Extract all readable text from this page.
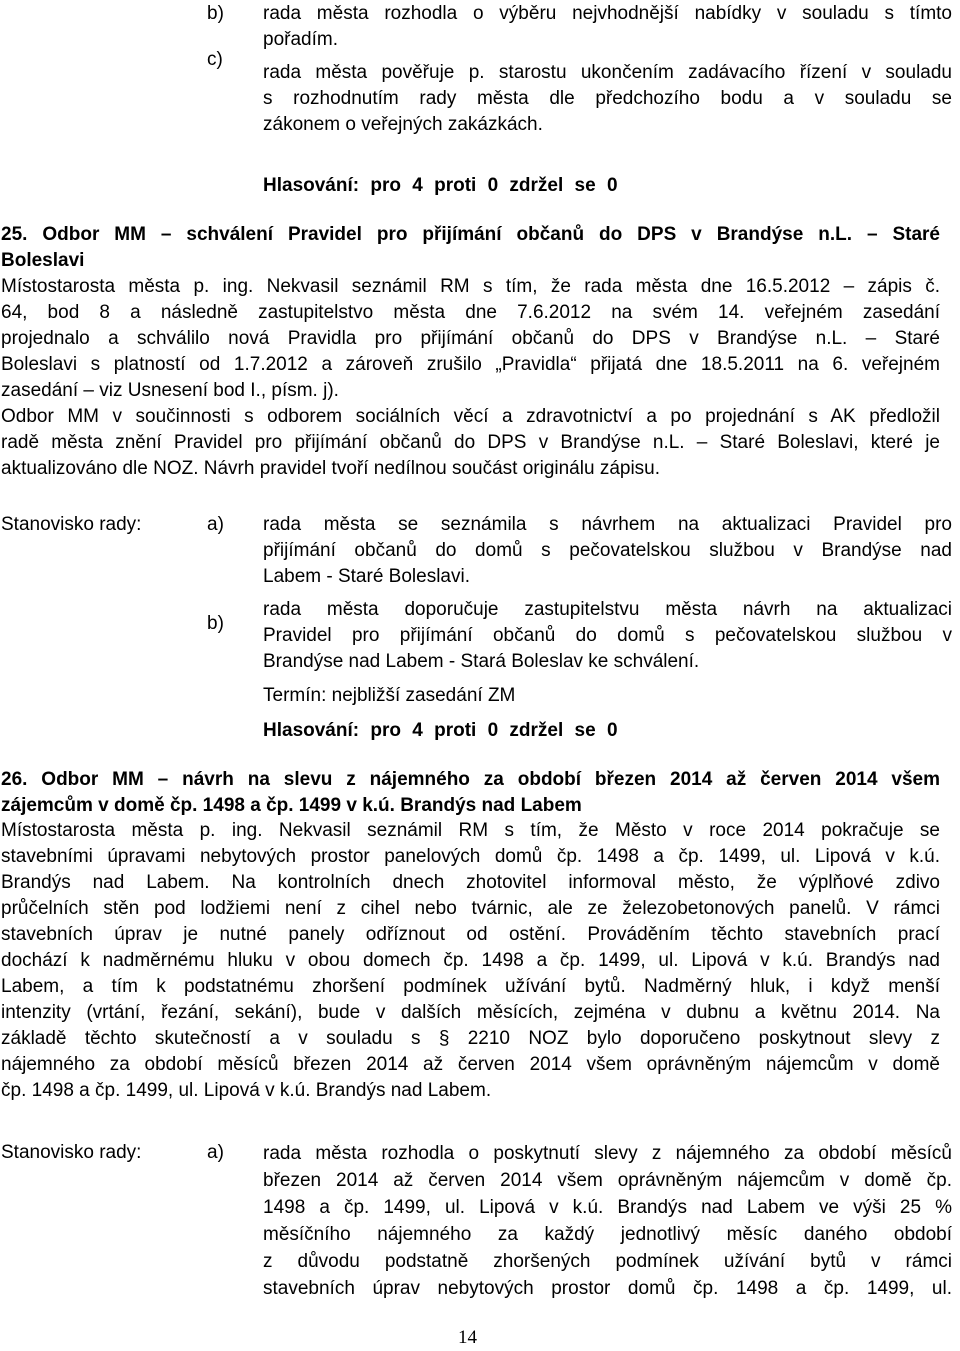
b) rada města rozhodla o výběru nejvhodnější nabídky v souladu s tímto
pořadím.
c)
rada města pověřuje p. starostu ukončením zadávacího řízení v souladu
s rozhodnutím rady města dle předchozího bodu a v souladu se
zákonem o veřejných zakázkách.
Hlasování: pro 4 proti 0 zdržel se 0
25. Odbor MM – schválení Pravidel pro přijímání občanů do DPS v Brandýse n.L. – Staré
Boleslavi
Místostarosta města p. ing. Nekvasil seznámil RM s tím, že rada města dne 16.5.2012 – zápis č.
64, bod 8 a následně zastupitelstvo města dne 7.6.2012 na svém 14. veřejném zasedání
projednalo a schválilo nová Pravidla pro přijímání občanů do DPS v Brandýse n.L. – Staré
Boleslavi s platností od 1.7.2012 a zároveň zrušilo „Pravidla“ přijatá dne 18.5.2011 na 6. veřejném
zasedání – viz Usnesení bod I., písm. j).
Odbor MM v součinnosti s odborem sociálních věcí a zdravotnictví a po projednání s AK předložil
radě města znění Pravidel pro přijímání občanů do DPS v Brandýse n.L. – Staré Boleslavi, které je
aktualizováno dle NOZ. Návrh pravidel tvoří nedílnou součást originálu zápisu.
Stanovisko rady:	a) rada města se seznámila s návrhem na aktualizaci Pravidel pro
přijímání občanů do domů s pečovatelskou službou v Brandýse nad
Labem - Staré Boleslavi.
b)
rada města doporučuje zastupitelstvu města návrh na aktualizaci
Pravidel pro přijímání občanů do domů s pečovatelskou službou v
Brandýse nad Labem - Stará Boleslav ke schválení.
Termín: nejbližší zasedání ZM
Hlasování: pro 4 proti 0 zdržel se 0
26. Odbor MM – návrh na slevu z nájemného za období březen 2014 až červen 2014 všem
zájemcům v domě čp. 1498 a čp. 1499 v k.ú. Brandýs nad Labem
Místostarosta města p. ing. Nekvasil seznámil RM s tím, že Město v roce 2014 pokračuje se
stavebními úpravami nebytových prostor panelových domů čp. 1498 a čp. 1499, ul. Lipová v k.ú.
Brandýs nad Labem. Na kontrolních dnech zhotovitel informoval město, že výplňové zdivo
průčelních stěn pod lodžiemi není z cihel nebo tvárnic, ale ze železobetonových panelů. V rámci
stavebních úprav je nutné panely odříznout od ostění. Prováděním těchto stavebních prací
dochází k nadměrnému hluku v obou domech čp. 1498 a čp. 1499, ul. Lipová v k.ú. Brandýs nad
Labem, a tím k podstatnému zhoršení podmínek užívání bytů. Nadměrný hluk, i když menší
intenzity (vrtání, řezání, sekání), bude v dalších měsících, zejména v dubnu a květnu 2014. Na
základě těchto skutečností a v souladu s § 2210 NOZ bylo doporučeno poskytnout slevy z
nájemného za období měsíců březen 2014 až červen 2014 všem oprávněným nájemcům v domě
čp. 1498 a čp. 1499, ul. Lipová v k.ú. Brandýs nad Labem.
Stanovisko rady:	a) rada města rozhodla o poskytnutí slevy z nájemného za období měsíců
březen 2014 až červen 2014 všem oprávněným nájemcům v domě čp.
1498 a čp. 1499, ul. Lipová v k.ú. Brandýs nad Labem ve výši 25 %
měsíčního nájemného za každý jednotlivý měsíc daného období
z důvodu podstatně zhoršených podmínek užívání bytů v rámci
stavebních úprav nebytových prostor domů čp. 1498 a čp. 1499, ul.
14
